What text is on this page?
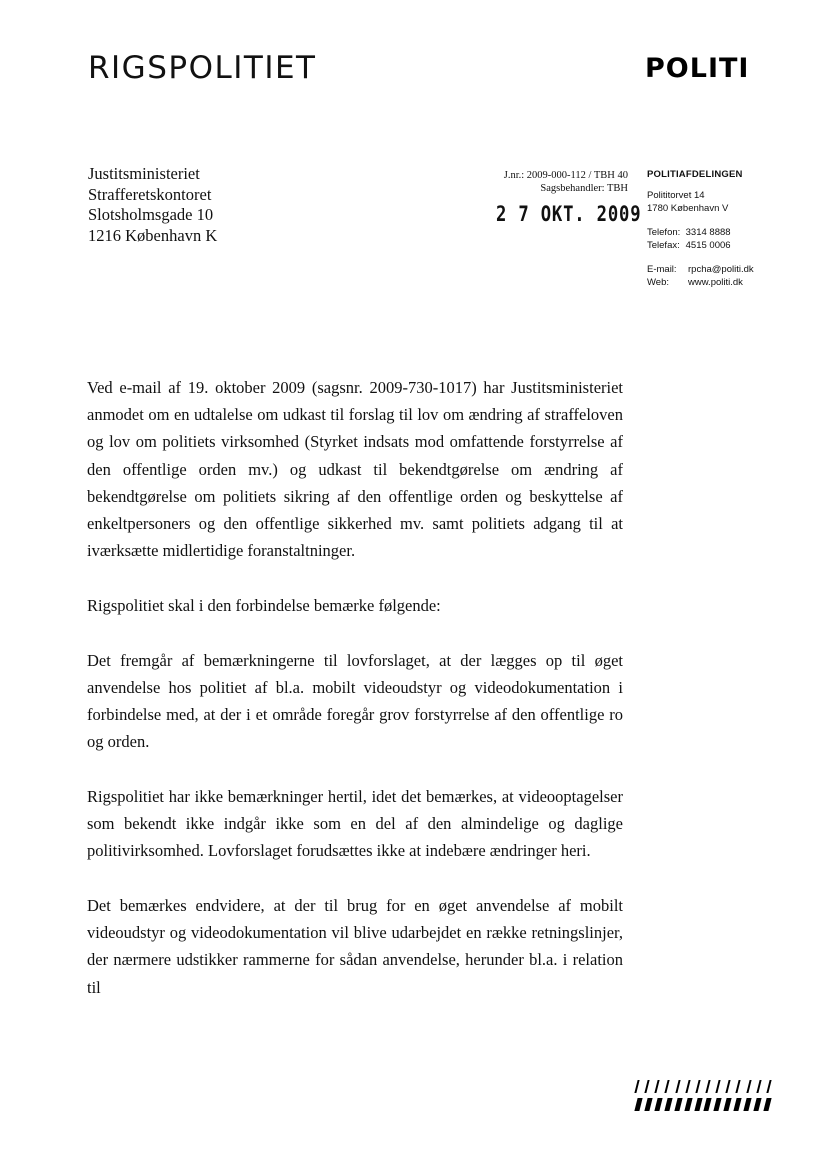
RIGSPOLITIET	POLITI
Justitsministeriet
Strafferetskontoret
Slotsholmsgade 10
1216 København K
J.nr.: 2009-000-112 / TBH 40
Sagsbehandler: TBH
2 7 OKT. 2009
POLITIAFDELINGEN
Polititorvet 14
1780 København V
Telefon: 3314 8888
Telefax: 4515 0006
E-mail: rpcha@politi.dk
Web: www.politi.dk

Ved e-mail af 19. oktober 2009 (sagsnr. 2009-730-1017) har Justitsministeriet anmodet om en udtalelse om udkast til forslag til lov om ændring af straffeloven og lov om politiets virksomhed (Styrket indsats mod omfattende forstyrrelse af den offentlige orden mv.) og udkast til bekendtgørelse om ændring af bekendtgørelse om politiets sikring af den offentlige orden og beskyttelse af enkeltpersoners og den offentlige sikkerhed mv. samt politiets adgang til at iværksætte midlertidige foranstaltninger.

Rigspolitiet skal i den forbindelse bemærke følgende:

Det fremgår af bemærkningerne til lovforslaget, at der lægges op til øget anvendelse hos politiet af bl.a. mobilt videoudstyr og videodokumentation i forbindelse med, at der i et område foregår grov forstyrrelse af den offentlige ro og orden.

Rigspolitiet har ikke bemærkninger hertil, idet det bemærkes, at videooptagelser som bekendt ikke indgår ikke som en del af den almindelige og daglige politivirksomhed. Lovforslaget forudsættes ikke at indebære ændringer heri.

Det bemærkes endvidere, at der til brug for en øget anvendelse af mobilt videoudstyr og videodokumentation vil blive udarbejdet en række retningslinjer, der nærmere udstikker rammerne for sådan anvendelse, herunder bl.a. i relation til
